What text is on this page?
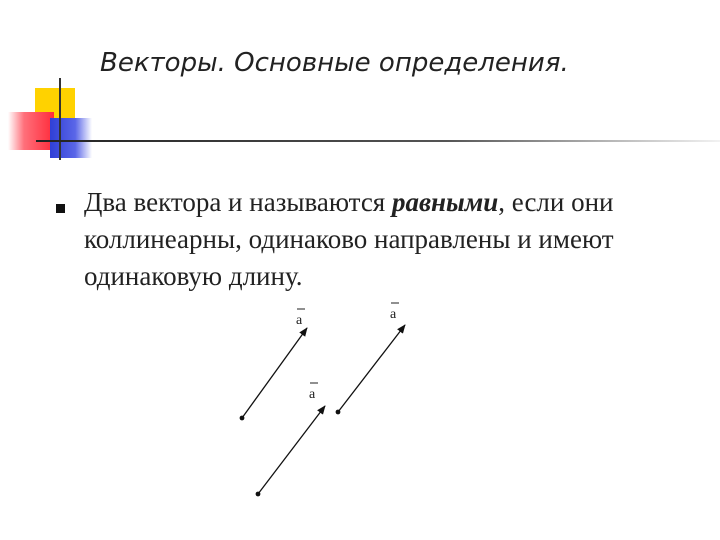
Векторы. Основные определения.

Два вектора и называются равными, если они коллинеарны, одинаково направлены и имеют одинаковую длину.

a	a
a
